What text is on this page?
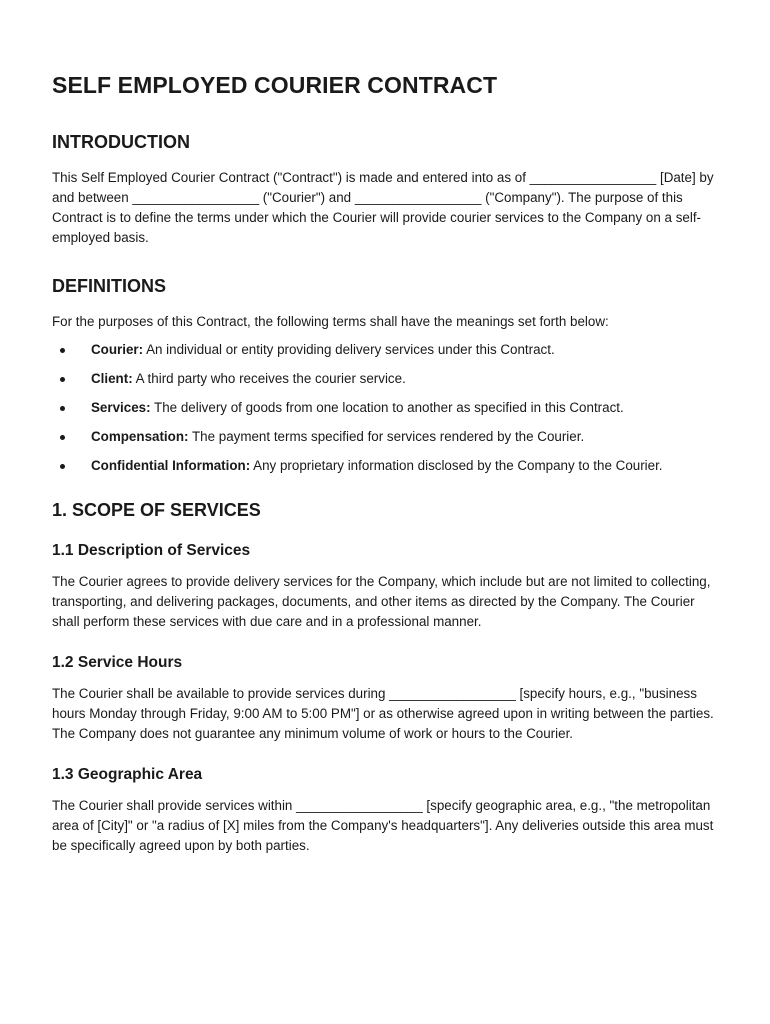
SELF EMPLOYED COURIER CONTRACT
INTRODUCTION

This Self Employed Courier Contract ("Contract") is made and entered into as of _________________ [Date] by and between _________________ ("Courier") and _________________ ("Company"). The purpose of this Contract is to define the terms under which the Courier will provide courier services to the Company on a self-employed basis.

DEFINITIONS

For the purposes of this Contract, the following terms shall have the meanings set forth below:

Courier: An individual or entity providing delivery services under this Contract.
Client: A third party who receives the courier service.
Services: The delivery of goods from one location to another as specified in this Contract.
Compensation: The payment terms specified for services rendered by the Courier.
Confidential Information: Any proprietary information disclosed by the Company to the Courier.
1. SCOPE OF SERVICES
1.1 Description of Services

The Courier agrees to provide delivery services for the Company, which include but are not limited to collecting, transporting, and delivering packages, documents, and other items as directed by the Company. The Courier shall perform these services with due care and in a professional manner.

1.2 Service Hours

The Courier shall be available to provide services during _________________ [specify hours, e.g., "business hours Monday through Friday, 9:00 AM to 5:00 PM"] or as otherwise agreed upon in writing between the parties. The Company does not guarantee any minimum volume of work or hours to the Courier.

1.3 Geographic Area

The Courier shall provide services within _________________ [specify geographic area, e.g., "the metropolitan area of [City]" or "a radius of [X] miles from the Company's headquarters"]. Any deliveries outside this area must be specifically agreed upon by both parties.
